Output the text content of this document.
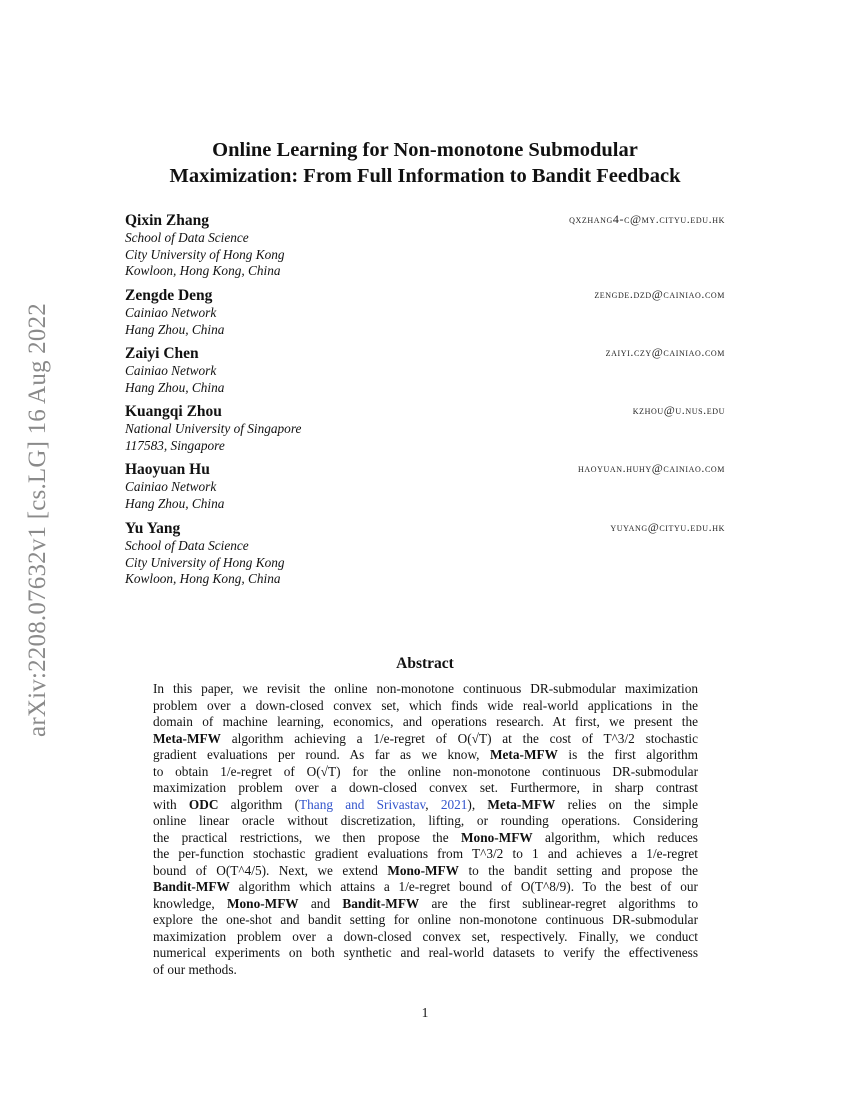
arXiv:2208.07632v1 [cs.LG] 16 Aug 2022
Online Learning for Non-monotone Submodular
Maximization: From Full Information to Bandit Feedback
Qixin Zhang	qxzhang4-c@my.cityu.edu.hk
School of Data Science
City University of Hong Kong
Kowloon, Hong Kong, China
Zengde Deng	zengde.dzd@cainiao.com
Cainiao Network
Hang Zhou, China
Zaiyi Chen	zaiyi.czy@cainiao.com
Cainiao Network
Hang Zhou, China
Kuangqi Zhou	kzhou@u.nus.edu
National University of Singapore
117583, Singapore
Haoyuan Hu	haoyuan.huhy@cainiao.com
Cainiao Network
Hang Zhou, China
Yu Yang	yuyang@cityu.edu.hk
School of Data Science
City University of Hong Kong
Kowloon, Hong Kong, China
Abstract
In this paper, we revisit the online non-monotone continuous DR-submodular maximization
problem over a down-closed convex set, which finds wide real-world applications in the
domain of machine learning, economics, and operations research. At first, we present the
Meta-MFW algorithm achieving a 1/e-regret of O(√T) at the cost of T^3/2 stochastic
gradient evaluations per round. As far as we know, Meta-MFW is the first algorithm
to obtain 1/e-regret of O(√T) for the online non-monotone continuous DR-submodular
maximization problem over a down-closed convex set. Furthermore, in sharp contrast
with ODC algorithm (Thang and Srivastav, 2021), Meta-MFW relies on the simple
online linear oracle without discretization, lifting, or rounding operations. Considering
the practical restrictions, we then propose the Mono-MFW algorithm, which reduces
the per-function stochastic gradient evaluations from T^3/2 to 1 and achieves a 1/e-regret
bound of O(T^4/5). Next, we extend Mono-MFW to the bandit setting and propose the
Bandit-MFW algorithm which attains a 1/e-regret bound of O(T^8/9). To the best of our
knowledge, Mono-MFW and Bandit-MFW are the first sublinear-regret algorithms to
explore the one-shot and bandit setting for online non-monotone continuous DR-submodular
maximization problem over a down-closed convex set, respectively. Finally, we conduct
numerical experiments on both synthetic and real-world datasets to verify the effectiveness
of our methods.
1
